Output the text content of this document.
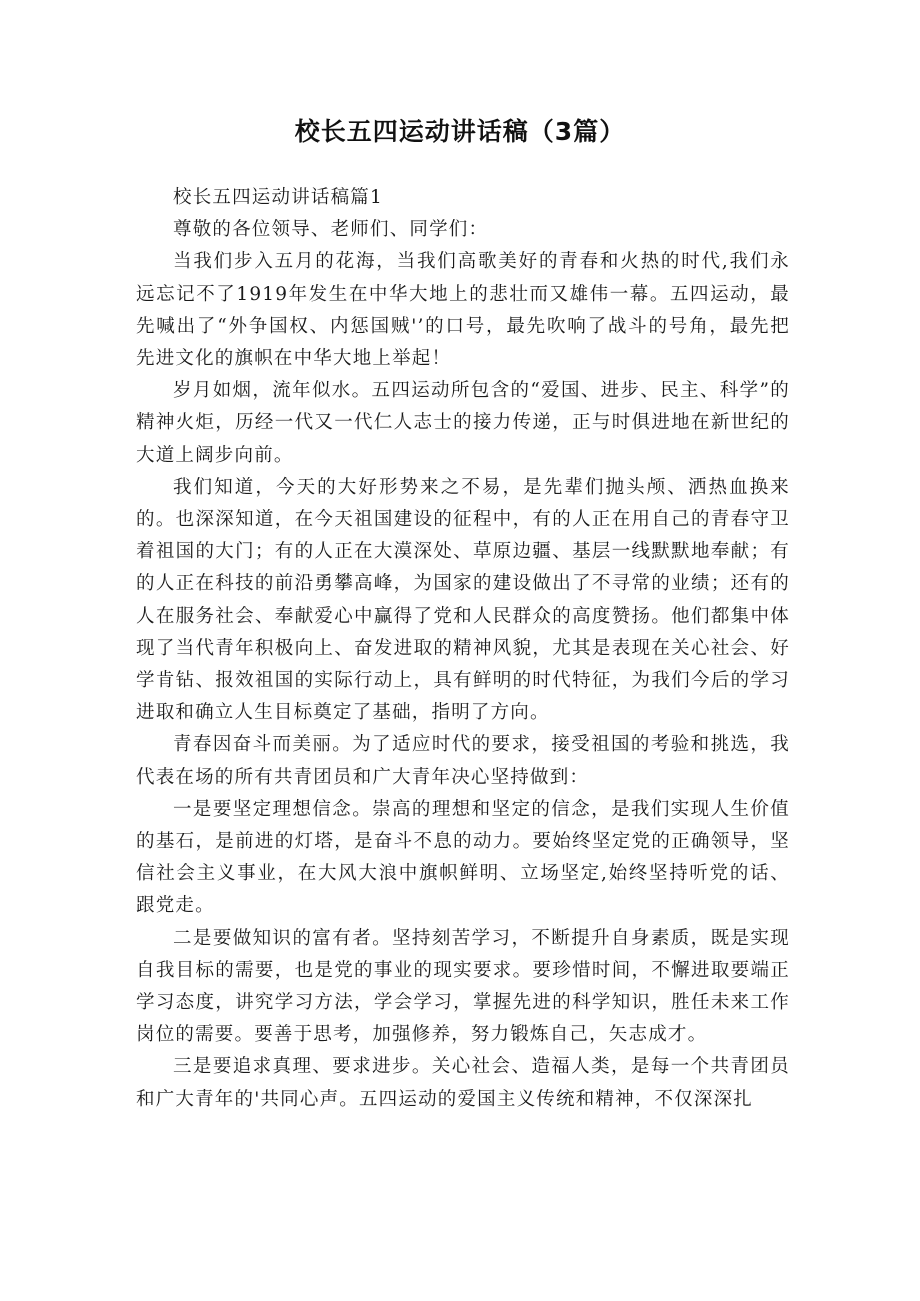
校长五四运动讲话稿（3篇）

校长五四运动讲话稿篇1

尊敬的各位领导、老师们、同学们：

当我们步入五月的花海，当我们高歌美好的青春和火热的时代,我们永远忘记不了1919年发生在中华大地上的悲壮而又雄伟一幕。五四运动，最先喊出了“外争国权、内惩国贼'’的口号，最先吹响了战斗的号角，最先把先进文化的旗帜在中华大地上举起！

岁月如烟，流年似水。五四运动所包含的“爱国、进步、民主、科学”的精神火炬，历经一代又一代仁人志士的接力传递，正与时俱进地在新世纪的大道上阔步向前。

我们知道，今天的大好形势来之不易，是先辈们抛头颅、洒热血换来的。也深深知道，在今天祖国建设的征程中，有的人正在用自己的青春守卫着祖国的大门；有的人正在大漠深处、草原边疆、基层一线默默地奉献；有的人正在科技的前沿勇攀高峰，为国家的建设做出了不寻常的业绩；还有的人在服务社会、奉献爱心中赢得了党和人民群众的高度赞扬。他们都集中体现了当代青年积极向上、奋发进取的精神风貌，尤其是表现在关心社会、好学肯钻、报效祖国的实际行动上，具有鲜明的时代特征，为我们今后的学习进取和确立人生目标奠定了基础，指明了方向。

青春因奋斗而美丽。为了适应时代的要求，接受祖国的考验和挑选，我代表在场的所有共青团员和广大青年决心坚持做到：

一是要坚定理想信念。崇高的理想和坚定的信念，是我们实现人生价值的基石，是前进的灯塔，是奋斗不息的动力。要始终坚定党的正确领导，坚信社会主义事业，在大风大浪中旗帜鲜明、立场坚定,始终坚持听党的话、跟党走。

二是要做知识的富有者。坚持刻苦学习，不断提升自身素质，既是实现自我目标的需要，也是党的事业的现实要求。要珍惜时间，不懈进取要端正学习态度，讲究学习方法，学会学习，掌握先进的科学知识，胜任未来工作岗位的需要。要善于思考，加强修养，努力锻炼自己，矢志成才。

三是要追求真理、要求进步。关心社会、造福人类，是每一个共青团员和广大青年的'共同心声。五四运动的爱国主义传统和精神，不仅深深扎
